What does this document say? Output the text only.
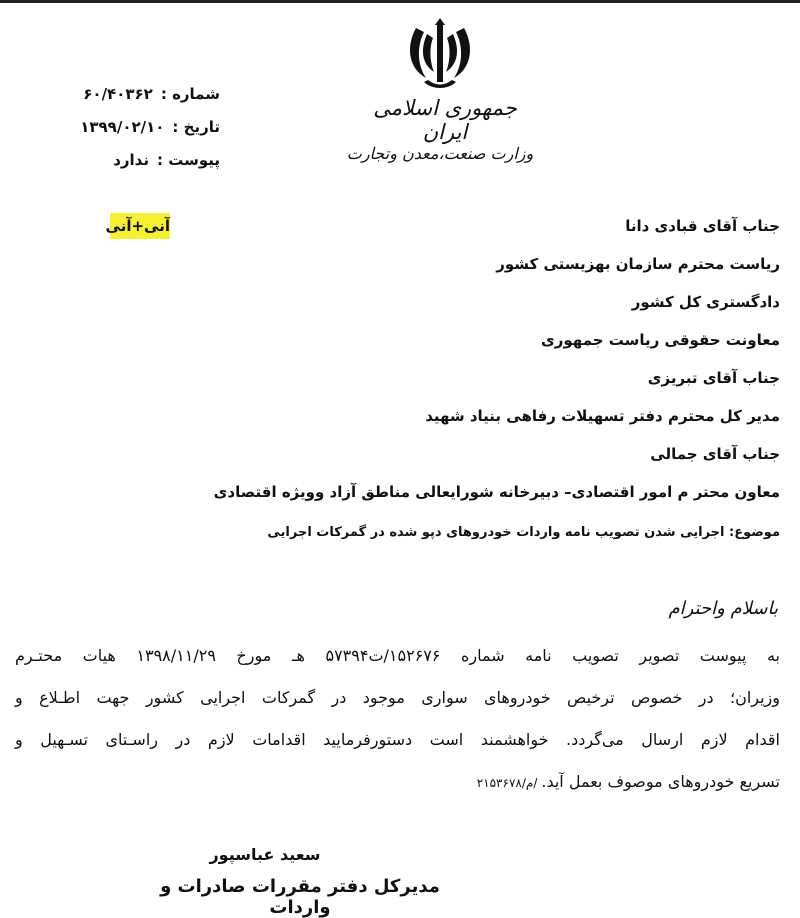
جمهوری اسلامی ایران
وزارت صنعت،معدن وتجارت
شماره :۶۰/۴۰۳۶۲
تاریخ :۱۳۹۹/۰۲/۱۰
پیوست :ندارد
آنی+آنی	جناب آقای قبادی دانا
ریاست محترم سازمان بهزیستی کشور
دادگستری کل کشور
معاونت حقوقی ریاست جمهوری
جناب آقای تبریزی
مدیر کل محترم دفتر تسهیلات رفاهی بنیاد شهید
جناب آقای جمالی
معاون محتر م امور اقتصادی– دبیرخانه شورایعالی مناطق آزاد وویژه اقتصادی
موضوع: اجرایی شدن تصویب نامه واردات خودروهای دپو شده در گمرکات اجرایی
باسلام واحترام
به پیوست تصویر تصویب نامه شماره ۱۵۲۶۷۶/ت۵۷۳۹۴ هـ مورخ ۱۳۹۸/۱۱/۲۹ هیات محتـرم
وزیران؛ در خصوص ترخیص خودروهای سواری موجود در گمرکات اجرایی کشور جهت اطـلاع و
اقدام لازم ارسال می‌گردد. خواهشمند است دستورفرمایید اقدامات لازم در راسـتای تسـهیل و
تسریع خودروهای موصوف بعمل آید./م/۲۱۵۳۶۷۸
سعید عباسپور
مدیرکل دفتر مقررات صادرات و واردات
